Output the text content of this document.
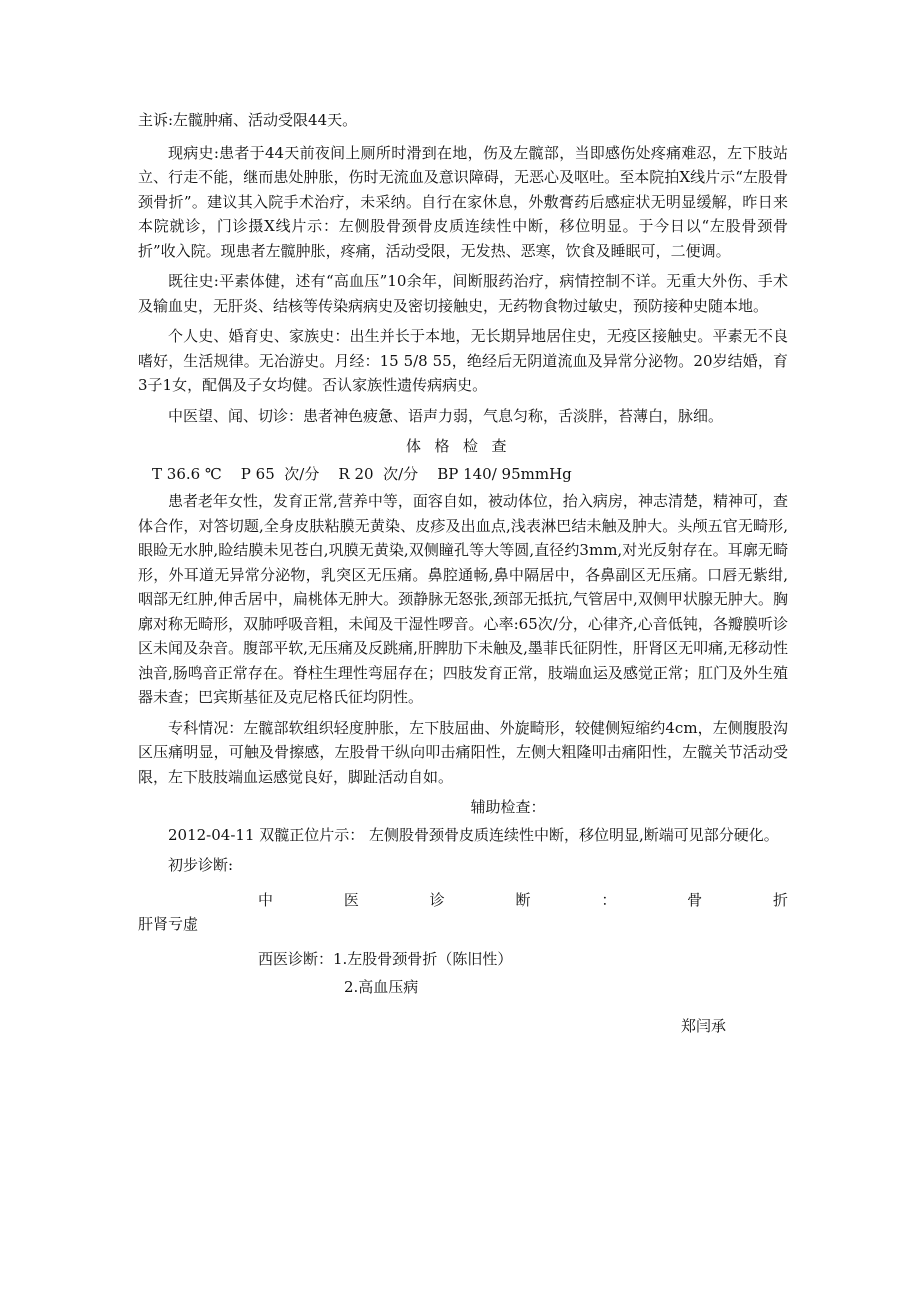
主诉:左髋肿痛、活动受限44天。

现病史:患者于44天前夜间上厕所时滑到在地，伤及左髋部，当即感伤处疼痛难忍，左下肢站立、行走不能，继而患处肿胀，伤时无流血及意识障碍，无恶心及呕吐。至本院拍X线片示“左股骨颈骨折”。建议其入院手术治疗，未采纳。自行在家休息，外敷膏药后感症状无明显缓解，昨日来本院就诊，门诊摄X线片示：左侧股骨颈骨皮质连续性中断，移位明显。于今日以“左股骨颈骨折”收入院。现患者左髋肿胀，疼痛，活动受限，无发热、恶寒，饮食及睡眠可，二便调。

既往史:平素体健，述有“高血压”10余年，间断服药治疗，病情控制不详。无重大外伤、手术及输血史，无肝炎、结核等传染病病史及密切接触史，无药物食物过敏史，预防接种史随本地。

个人史、婚育史、家族史：出生并长于本地，无长期异地居住史，无疫区接触史。平素无不良嗜好，生活规律。无冶游史。月经：15 5/8 55，绝经后无阴道流血及异常分泌物。20岁结婚，育3子1女，配偶及子女均健。否认家族性遗传病病史。

中医望、闻、切诊：患者神色疲惫、语声力弱，气息匀称，舌淡胖，苔薄白，脉细。

体格检查

T 36.6 ℃    P 65  次/分    R 20  次/分    BP 140/ 95mmHg

患者老年女性，发育正常,营养中等，面容自如，被动体位，抬入病房，神志清楚，精神可，查体合作，对答切题,全身皮肤粘膜无黄染、皮疹及出血点,浅表淋巴结未触及肿大。头颅五官无畸形,眼睑无水肿,睑结膜未见苍白,巩膜无黄染,双侧瞳孔等大等圆,直径约3mm,对光反射存在。耳廓无畸形，外耳道无异常分泌物，乳突区无压痛。鼻腔通畅,鼻中隔居中，各鼻副区无压痛。口唇无紫绀,咽部无红肿,伸舌居中，扁桃体无肿大。颈静脉无怒张,颈部无抵抗,气管居中,双侧甲状腺无肿大。胸廓对称无畸形，双肺呼吸音粗，未闻及干湿性啰音。心率:65次/分，心律齐,心音低钝，各瓣膜听诊区未闻及杂音。腹部平软,无压痛及反跳痛,肝脾肋下未触及,墨菲氏征阴性，肝肾区无叩痛,无移动性浊音,肠鸣音正常存在。脊柱生理性弯屈存在；四肢发育正常，肢端血运及感觉正常；肛门及外生殖器未查；巴宾斯基征及克尼格氏征均阴性。

专科情况：左髋部软组织轻度肿胀，左下肢屈曲、外旋畸形，较健侧短缩约4cm，左侧腹股沟区压痛明显，可触及骨擦感，左股骨干纵向叩击痛阳性，左侧大粗隆叩击痛阳性，左髋关节活动受限，左下肢肢端血运感觉良好，脚趾活动自如。

辅助检查：

2012-04-11 双髋正位片示： 左侧股骨颈骨皮质连续性中断，移位明显,断端可见部分硬化。

初步诊断:

中	医	诊	断	：	骨	折

肝肾亏虚

西医诊断：1.左股骨颈骨折（陈旧性）

2.高血压病

郑闫承
